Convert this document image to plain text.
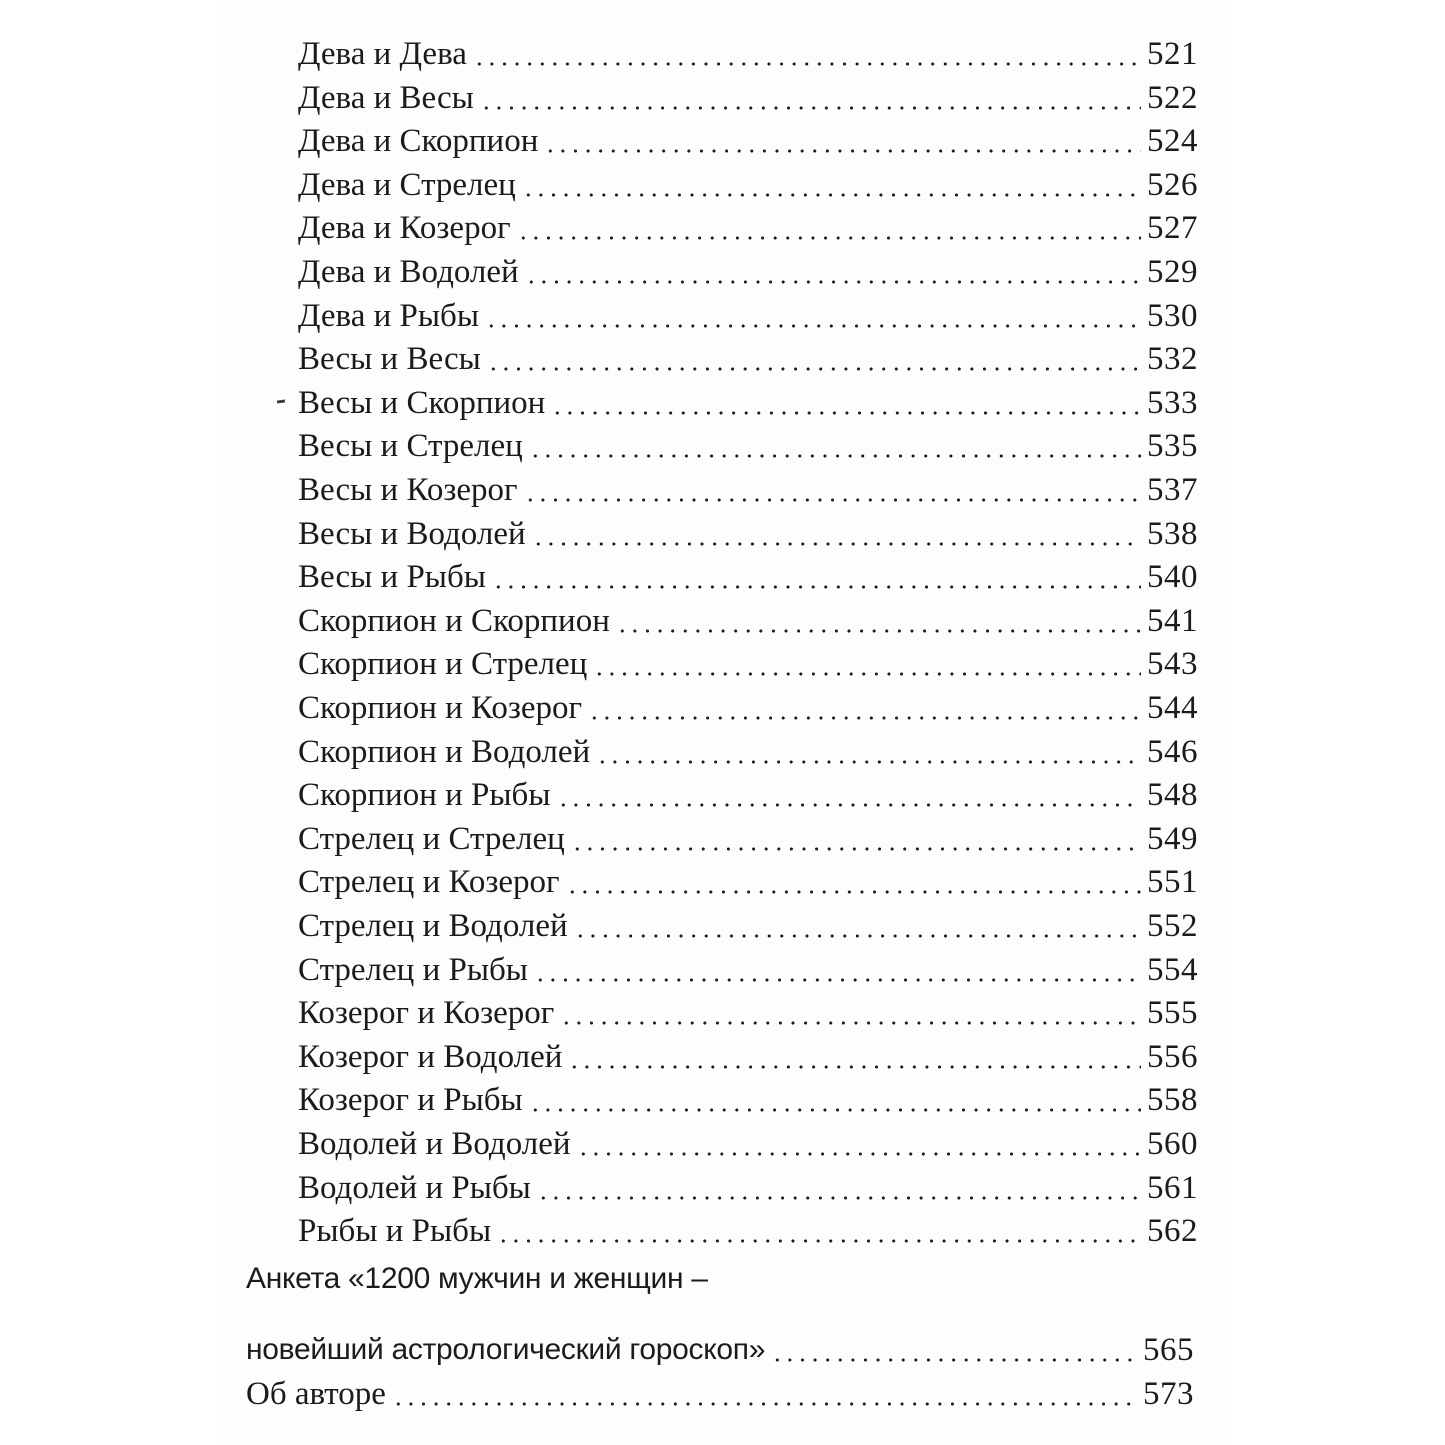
Рыбы и Рыбы	562
Водолей и Рыбы	561
Водолей и Водолей	560
Козерог и Рыбы	558
Козерог и Водолей	556
Козерог и Козерог	555
Стрелец и Рыбы	554
Стрелец и Водолей	552
Стрелец и Козерог	551
Стрелец и Стрелец	549
Скорпион и Рыбы	548
Скорпион и Водолей	546
Скорпион и Козерог	544
Скорпион и Стрелец	543
Скорпион и Скорпион	541
Весы и Рыбы	540
Весы и Водолей	538
Весы и Козерог	537
Весы и Стрелец	535
Весы и Скорпион	533
Весы и Весы	532
Дева и Рыбы	530
Дева и Водолей	529
Дева и Козерог	527
Дева и Стрелец	526
Дева и Скорпион	524
Дева и Весы	522
Дева и Дева	521
Анкета «1200 мужчин и женщин –
новейший астрологический гороскоп»	565
Об авторе	573
